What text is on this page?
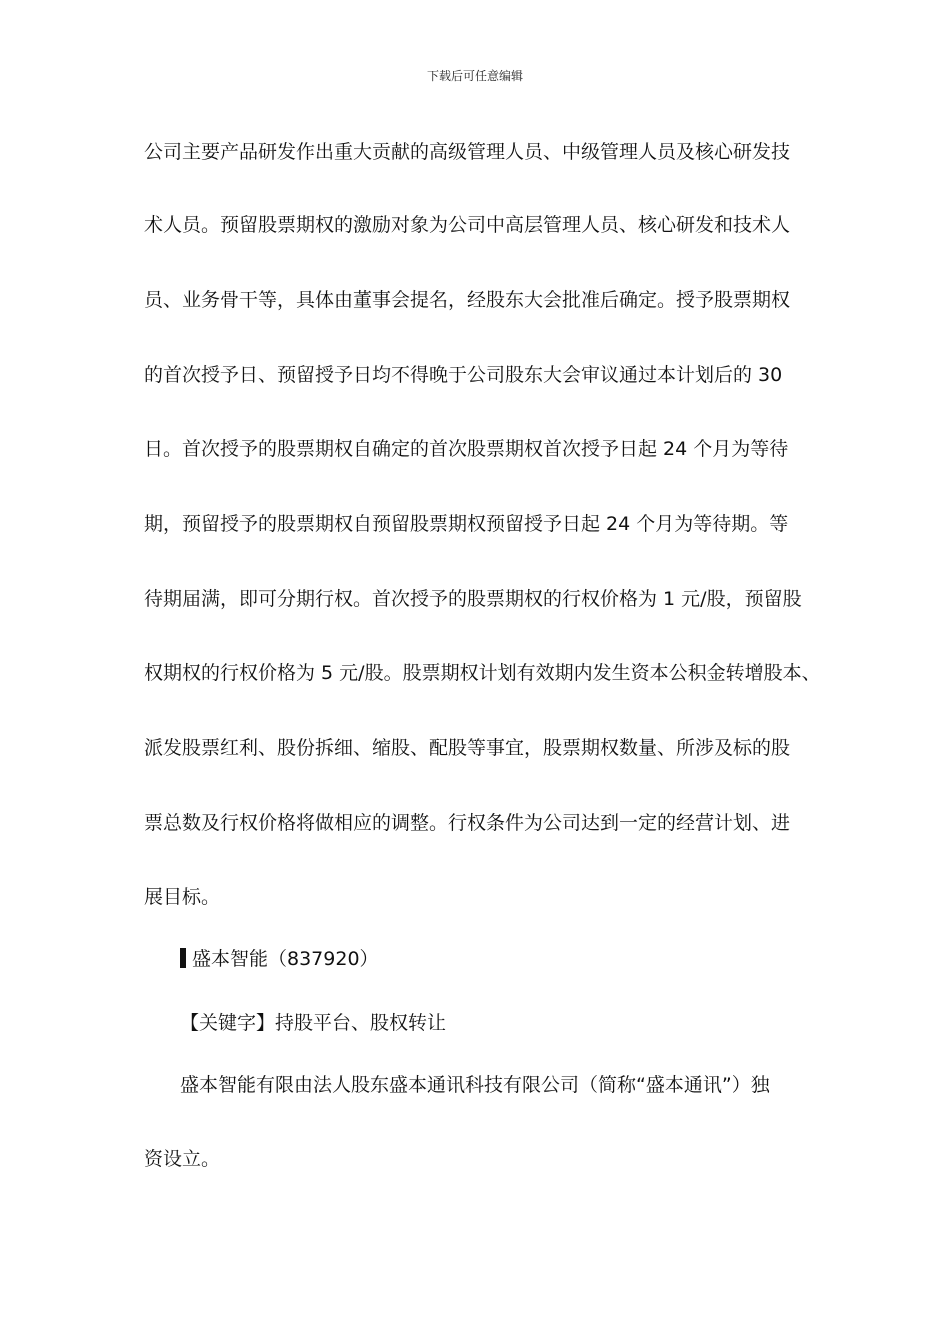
下载后可任意编辑
公司主要产品研发作出重大贡献的高级管理人员、中级管理人员及核心研发技
术人员。预留股票期权的激励对象为公司中高层管理人员、核心研发和技术人
员、业务骨干等，具体由董事会提名，经股东大会批准后确定。授予股票期权
的首次授予日、预留授予日均不得晚于公司股东大会审议通过本计划后的 30
日。首次授予的股票期权自确定的首次股票期权首次授予日起 24 个月为等待
期，预留授予的股票期权自预留股票期权预留授予日起 24 个月为等待期。等
待期届满，即可分期行权。首次授予的股票期权的行权价格为 1 元/股，预留股
权期权的行权价格为 5 元/股。股票期权计划有效期内发生资本公积金转增股本、
派发股票红利、股份拆细、缩股、配股等事宜，股票期权数量、所涉及标的股
票总数及行权价格将做相应的调整。行权条件为公司达到一定的经营计划、进
展目标。
盛本智能（837920）
【关键字】持股平台、股权转让
盛本智能有限由法人股东盛本通讯科技有限公司（简称“盛本通讯”）独
资设立。
